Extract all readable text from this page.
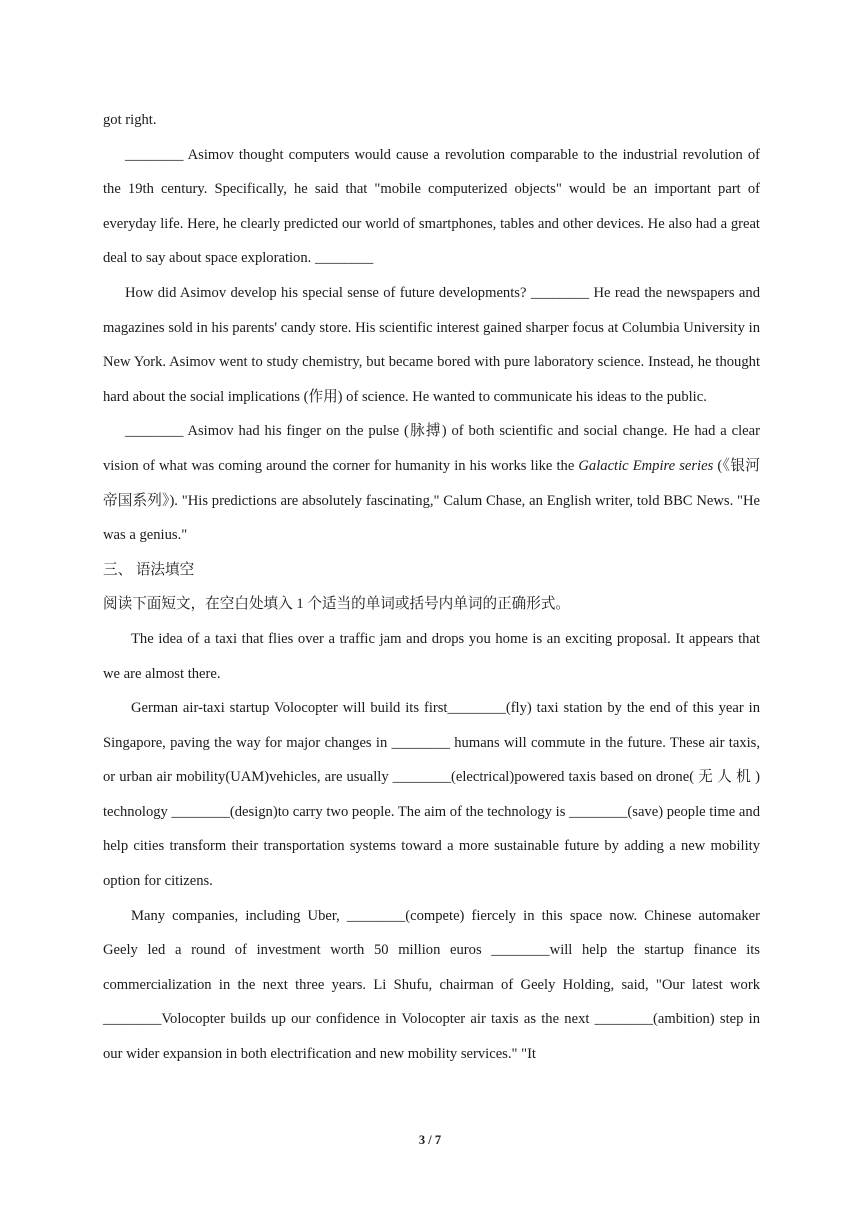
got right.

________ Asimov thought computers would cause a revolution comparable to the industrial revolution of the 19th century. Specifically, he said that "mobile computerized objects" would be an important part of everyday life. Here, he clearly predicted our world of smartphones, tables and other devices. He also had a great deal to say about space exploration. ________

How did Asimov develop his special sense of future developments? ________ He read the newspapers and magazines sold in his parents' candy store. His scientific interest gained sharper focus at Columbia University in New York. Asimov went to study chemistry, but became bored with pure laboratory science. Instead, he thought hard about the social implications (作用) of science. He wanted to communicate his ideas to the public.

________ Asimov had his finger on the pulse (脉搏) of both scientific and social change. He had a clear vision of what was coming around the corner for humanity in his works like the Galactic Empire series (《银河帝国系列》). "His predictions are absolutely fascinating," Calum Chase, an English writer, told BBC News. "He was a genius."

三、 语法填空

阅读下面短文，在空白处填入 1 个适当的单词或括号内单词的正确形式。

The idea of a taxi that flies over a traffic jam and drops you home is an exciting proposal. It appears that we are almost there.

German air-taxi startup Volocopter will build its first________(fly) taxi station by the end of this year in Singapore, paving the way for major changes in ________ humans will commute in the future. These air taxis, or urban air mobility(UAM)vehicles, are usually ________(electrical)powered taxis based on drone( 无 人 机 ) technology ________(design)to carry two people. The aim of the technology is ________(save) people time and help cities transform their transportation systems toward a more sustainable future by adding a new mobility option for citizens.

Many companies, including Uber, ________(compete) fiercely in this space now. Chinese automaker Geely led a round of investment worth 50 million euros ________will help the startup finance its commercialization in the next three years. Li Shufu, chairman of Geely Holding, said, "Our latest work ________Volocopter builds up our confidence in Volocopter air taxis as the next ________(ambition) step in our wider expansion in both electrification and new mobility services." "It

3 / 7
